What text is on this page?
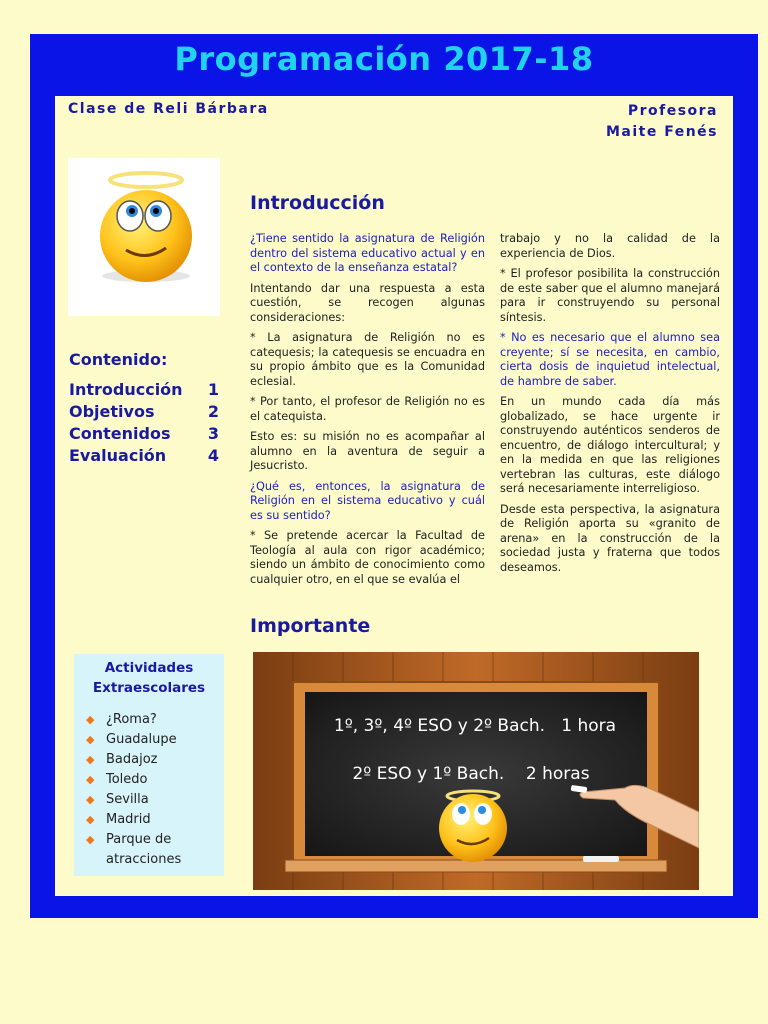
Programación 2017-18
Clase de Reli Bárbara	Profesora
Maite Fenés
Contenido:
Introducción 1
Objetivos	2
Contenidos 3
Evaluación	4
Introducción

¿Tiene sentido la asignatura de Religión dentro del sistema educativo actual y en el contexto de la enseñanza estatal?

Intentando dar una respuesta a esta cuestión, se recogen algunas consideraciones:

* La asignatura de Religión no es catequesis; la catequesis se encuadra en su propio ámbito que es la Comunidad eclesial.

* Por tanto, el profesor de Religión no es el catequista.

Esto es: su misión no es acompañar al alumno en la aventura de seguir a Jesucristo.

¿Qué es, entonces, la asignatura de Religión en el sistema educativo y cuál es su sentido?

* Se pretende acercar la Facultad de Teología al aula con rigor académico; siendo un ámbito de conocimiento como cualquier otro, en el que se evalúa el

trabajo y no la calidad de la experiencia de Dios.

* El profesor posibilita la construcción de este saber que el alumno manejará para ir construyendo su personal síntesis.

* No es necesario que el alumno sea creyente; sí se necesita, en cambio, cierta dosis de inquietud intelectual, de hambre de saber.

En un mundo cada día más globalizado, se hace urgente ir construyendo auténticos senderos de encuentro, de diálogo intercultural; y en la medida en que las religiones vertebran las culturas, este diálogo será necesariamente interreligioso.

Desde esta perspectiva, la asignatura de Religión aporta su «granito de arena» en la construcción de la sociedad justa y fraterna que todos deseamos.

Importante
Actividades
Extraescolares
◆ ¿Roma?
◆ Guadalupe
◆ Badajoz
◆ Toledo
◆ Sevilla
◆ Madrid
◆ Parque de atracciones
1º, 3º, 4º ESO y 2º Bach.   1 hora
2º ESO y 1º Bach.    2 horas
